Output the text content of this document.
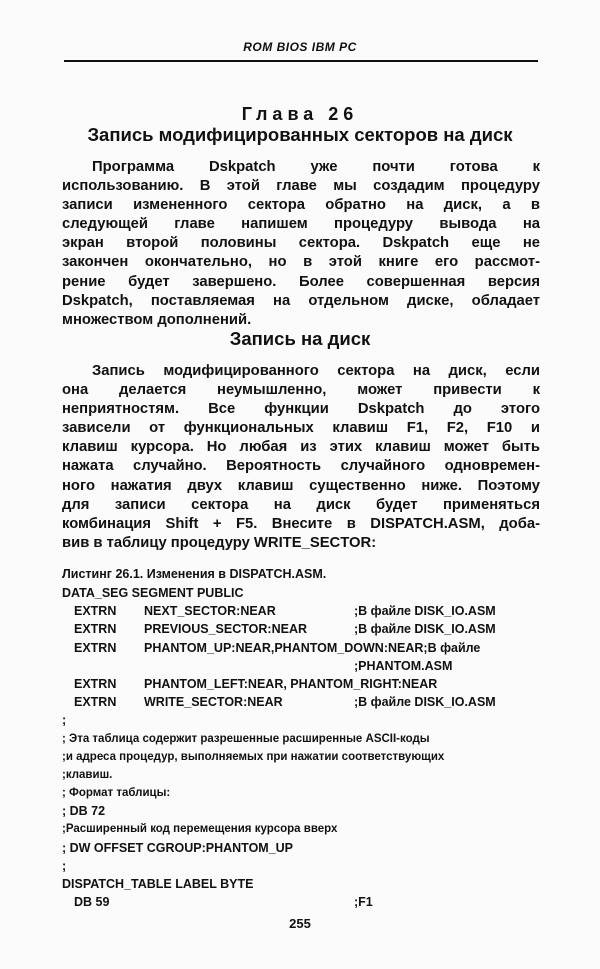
ROM BIOS IBM PC
Глава 26
Запись модифицированных секторов на диск
Программа Dskpatch уже почти готова к
использованию. В этой главе мы создадим процедуру
записи измененного сектора обратно на диск, а в
следующей главе напишем процедуру вывода на
экран второй половины сектора. Dskpatch еще не
закончен окончательно, но в этой книге его рассмот-
рение будет завершено. Более совершенная версия
Dskpatch, поставляемая на отдельном диске, обладает
множеством дополнений.
Запись на диск
Запись модифицированного сектора на диск, если
она делается неумышленно, может привести к
неприятностям. Все функции Dskpatch до этого
зависели от функциональных клавиш F1, F2, F10 и
клавиш курсора. Но любая из этих клавиш может быть
нажата случайно. Вероятность случайного одновремен-
ного нажатия двух клавиш существенно ниже. Поэтому
для записи сектора на диск будет применяться
комбинация Shift + F5. Внесите в DISPATCH.ASM, доба-
вив в таблицу процедуру WRITE_SECTOR:
Листинг 26.1. Изменения в DISPATCH.ASM.
DATA_SEG SEGMENT PUBLIC
EXTRN NEXT_SECTOR:NEAR	;В файле DISK_IO.ASM
EXTRN PREVIOUS_SECTOR:NEAR	;В файле DISK_IO.ASM
EXTRN PHANTOM_UP:NEAR,PHANTOM_DOWN:NEAR;В файле
;PHANTOM.ASM
EXTRN PHANTOM_LEFT:NEAR, PHANTOM_RIGHT:NEAR
EXTRN WRITE_SECTOR:NEAR	;В файле DISK_IO.ASM
;
; Эта таблица содержит разрешенные расширенные ASCII-коды
;и адреса процедур, выполняемых при нажатии соответствующих
;клавиш.
; Формат таблицы:
; DB 72
;Расширенный код перемещения курсора вверх
; DW OFFSET CGROUP:PHANTOM_UP
;
DISPATCH_TABLE LABEL BYTE
DB 59	;F1
255
